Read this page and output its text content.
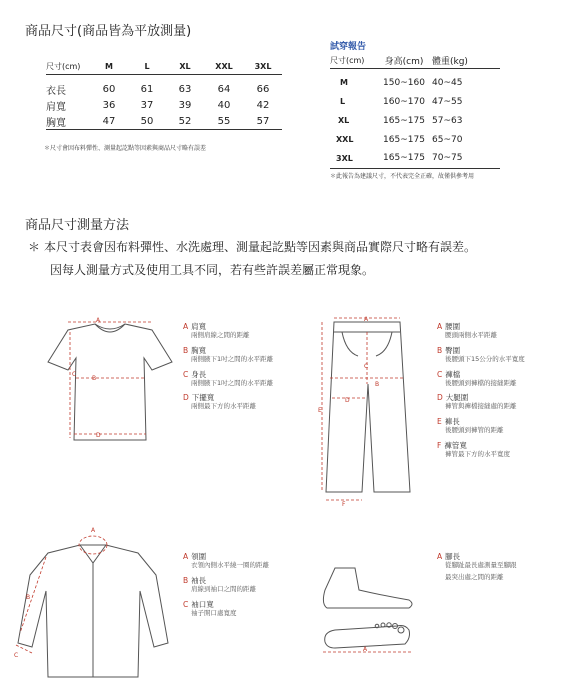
商品尺寸(商品皆為平放測量)
尺寸(cm)	M	L	XL	XXL	3XL

衣長	60	61	63	64	66
肩寬	36	37	39	40	42
胸寬	47	50	52	55	57
＊尺寸會因布料彈性、測量起訖點等因素與商品尺寸略有誤差
試穿報告
尺寸(cm)	身高(cm)	體重(kg)

M	150~160	40~45
L	160~170	47~55
XL	165~175	57~63
XXL	165~175	65~70
3XL	165~175	70~75
＊此報告為建議尺寸，不代表完全正確，故僅供參考用
商品尺寸測量方法
＊ 本尺寸表會因布料彈性、水洗處理、測量起訖點等因素與商品實際尺寸略有誤差。
因每人測量方式及使用工具不同，若有些許誤差屬正常現象。
A
B
C
D
A 肩寬
兩側肩線之間的距離
B 胸寬
兩側腋下1吋之間的水平距離
C 身長
兩側腋下1吋之間的水平距離
D 下擺寬
兩側最下方的水平距離
A
B
C
D
E
F
A 腰圍
腰頭兩側水平距離
B 臀圍
後腰頭下15公分的水平寬度
C 褲檔
後腰頭到褲檔的接縫距離
D 大腿圍
褲管與褲檔接縫處的距離
E 褲長
後腰頭到褲管的距離
F 褲管寬
褲管最下方的水平寬度
A
B
C
A 領圍
衣領內側水平繞一圈的距離
B 袖長
肩線到袖口之間的距離
C 袖口寬
袖子開口處寬度
A
A 腳長
從腳趾最長處測量至腳跟
最突出處之間的距離
